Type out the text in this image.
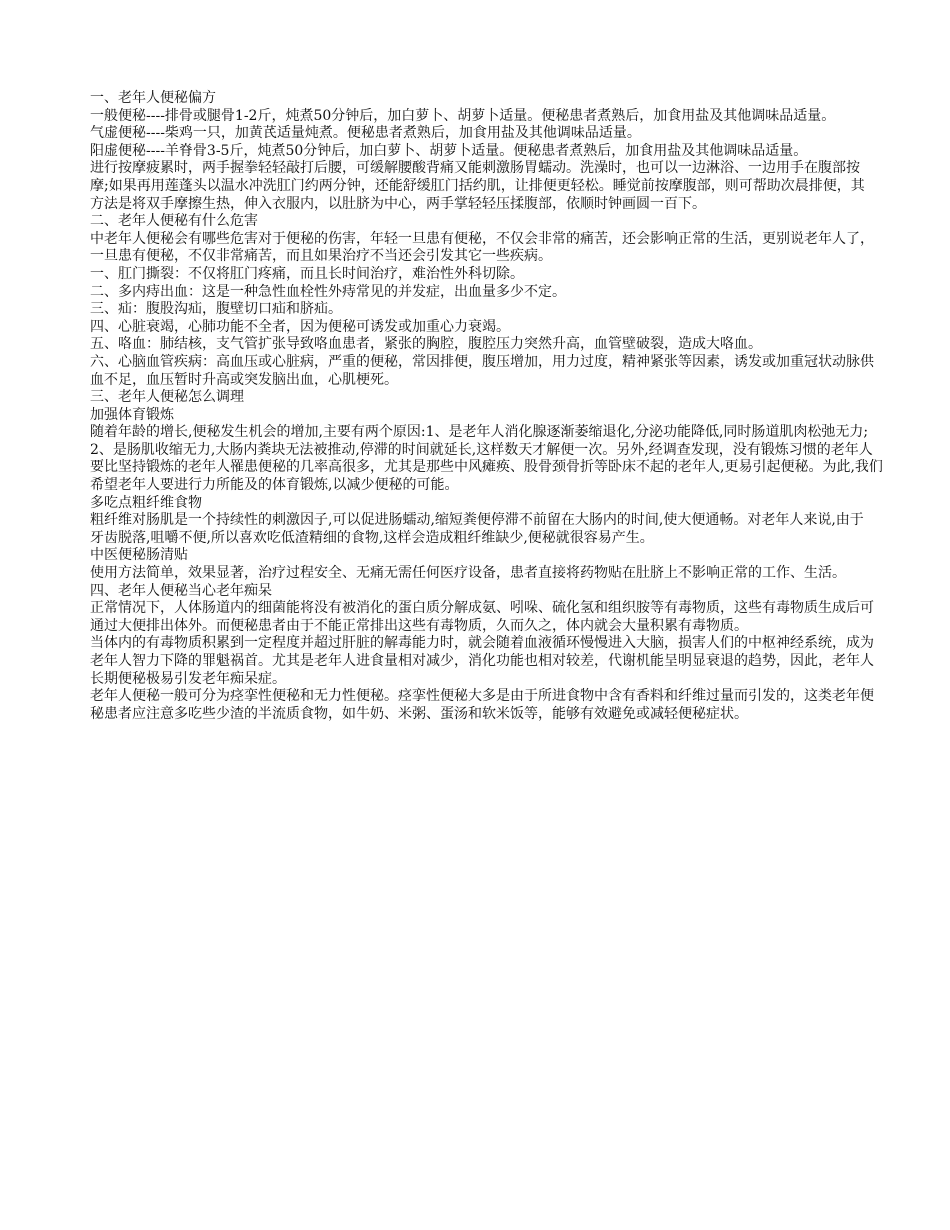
一、老年人便秘偏方

一般便秘----排骨或腿骨1-2斤，炖煮50分钟后，加白萝卜、胡萝卜适量。便秘患者煮熟后，加食用盐及其他调味品适量。

气虚便秘----柴鸡一只，加黄芪适量炖煮。便秘患者煮熟后，加食用盐及其他调味品适量。

阳虚便秘----羊脊骨3-5斤，炖煮50分钟后，加白萝卜、胡萝卜适量。便秘患者煮熟后，加食用盐及其他调味品适量。

进行按摩疲累时，两手握拳轻轻敲打后腰，可缓解腰酸背痛又能刺激肠胃蠕动。洗澡时，也可以一边淋浴、一边用手在腹部按摩;如果再用莲蓬头以温水冲洗肛门约两分钟，还能舒缓肛门括约肌，让排便更轻松。睡觉前按摩腹部，则可帮助次晨排便，其方法是将双手摩擦生热，伸入衣服内，以肚脐为中心，两手掌轻轻压揉腹部，依顺时钟画圆一百下。

二、老年人便秘有什么危害

中老年人便秘会有哪些危害对于便秘的伤害，年轻一旦患有便秘，不仅会非常的痛苦，还会影响正常的生活，更别说老年人了，一旦患有便秘，不仅非常痛苦，而且如果治疗不当还会引发其它一些疾病。

一、肛门撕裂：不仅将肛门疼痛，而且长时间治疗，难治性外科切除。

二、多内痔出血：这是一种急性血栓性外痔常见的并发症，出血量多少不定。

三、疝：腹股沟疝，腹壁切口疝和脐疝。

四、心脏衰竭，心肺功能不全者，因为便秘可诱发或加重心力衰竭。

五、咯血：肺结核，支气管扩张导致咯血患者，紧张的胸腔，腹腔压力突然升高，血管壁破裂，造成大咯血。

六、心脑血管疾病：高血压或心脏病，严重的便秘，常因排便，腹压增加，用力过度，精神紧张等因素，诱发或加重冠状动脉供血不足，血压暂时升高或突发脑出血，心肌梗死。

三、老年人便秘怎么调理

加强体育锻炼

随着年龄的增长,便秘发生机会的增加,主要有两个原因:1、是老年人消化腺逐渐萎缩退化,分泌功能降低,同时肠道肌肉松弛无力;2、是肠肌收缩无力,大肠内粪块无法被推动,停滞的时间就延长,这样数天才解便一次。另外,经调查发现，没有锻炼习惯的老年人要比坚持锻炼的老年人罹患便秘的几率高很多，尤其是那些中风瘫痪、股骨颈骨折等卧床不起的老年人,更易引起便秘。为此,我们希望老年人要进行力所能及的体育锻炼,以减少便秘的可能。

多吃点粗纤维食物

粗纤维对肠肌是一个持续性的刺激因子,可以促进肠蠕动,缩短粪便停滞不前留在大肠内的时间,使大便通畅。对老年人来说,由于牙齿脱落,咀嚼不便,所以喜欢吃低渣精细的食物,这样会造成粗纤维缺少,便秘就很容易产生。

中医便秘肠清贴

使用方法简单，效果显著，治疗过程安全、无痛无需任何医疗设备，患者直接将药物贴在肚脐上不影响正常的工作、生活。

四、老年人便秘当心老年痴呆

正常情况下，人体肠道内的细菌能将没有被消化的蛋白质分解成氨、吲哚、硫化氢和组织胺等有毒物质，这些有毒物质生成后可通过大便排出体外。而便秘患者由于不能正常排出这些有毒物质，久而久之，体内就会大量积累有毒物质。

当体内的有毒物质积累到一定程度并超过肝脏的解毒能力时，就会随着血液循环慢慢进入大脑，损害人们的中枢神经系统，成为老年人智力下降的罪魁祸首。尤其是老年人进食量相对减少，消化功能也相对较差，代谢机能呈明显衰退的趋势，因此，老年人长期便秘极易引发老年痴呆症。

老年人便秘一般可分为痉挛性便秘和无力性便秘。痉挛性便秘大多是由于所进食物中含有香料和纤维过量而引发的，这类老年便秘患者应注意多吃些少渣的半流质食物，如牛奶、米粥、蛋汤和软米饭等，能够有效避免或减轻便秘症状。
